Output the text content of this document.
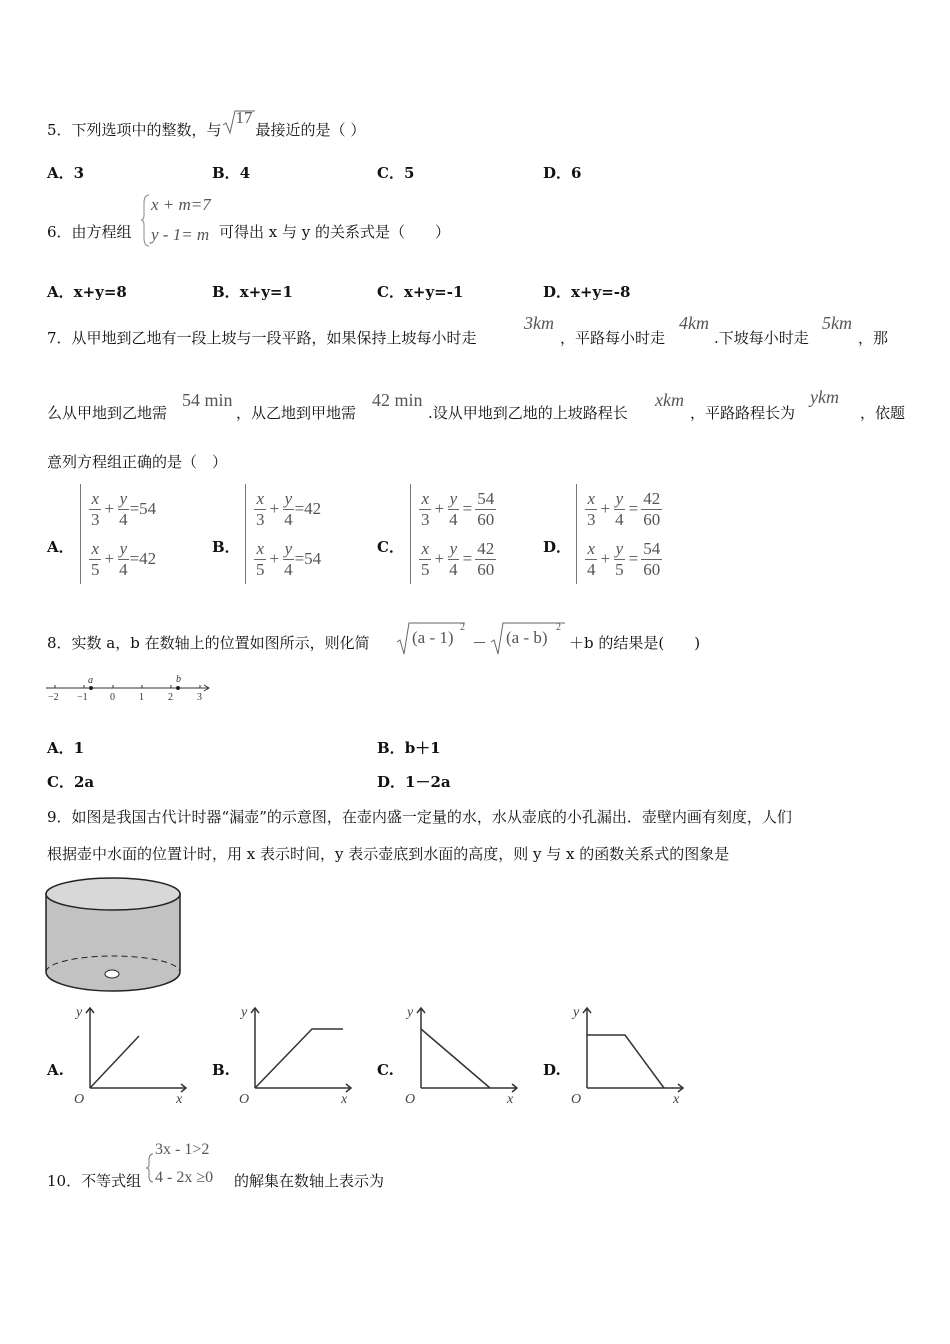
5．下列选项中的整数，与
17
最接近的是（ ）
A．3	B．4	C．5	D．6
6．由方程组
x + m=7
y - 1= m 可得出 x 与 y 的关系式是（　　）
A．x+y=8	B．x+y=1	C．x+y=-1	D．x+y=-8
7．从甲地到乙地有一段上坡与一段平路，如果保持上坡每小时走
3km
，平路每小时走
4km
.下坡每小时走
5km
，那
么从甲地到乙地需
54 min
，从乙地到甲地需
42 min
.设从甲地到乙地的上坡路程长
xkm
，平路路程长为
ykm
，依题
意列方程组正确的是（　）
A．
$\frac{x}{3} + \frac{y}{4} =54$
$\frac{x}{5} + \frac{y}{4} =42$
B．
$\frac{x}{3} + \frac{y}{4} =42$
$\frac{x}{5} + \frac{y}{4} =54$
C．
$\frac{x}{3} + \frac{y}{4} = \frac{54}{60}$
$\frac{x}{5} + \frac{y}{4} = \frac{42}{60}$	D．
$\frac{x}{3} + \frac{y}{4} = \frac{42}{60}$
$\frac{x}{4} + \frac{y}{5} = \frac{54}{60}$
8．实数 a，b 在数轴上的位置如图所示，则化简 (a - 1)
2
－ (a - b)
2
＋b 的结果是(　　)
a	b
−2 −1 0 1 2 3
A．1	B．b＋1
C．2a	D．1－2a
9．如图是我国古代计时器“漏壶”的示意图，在壶内盛一定量的水，水从壶底的小孔漏出．壶壁内画有刻度，人们
根据壶中水面的位置计时，用 x 表示时间，y 表示壶底到水面的高度，则 y 与 x 的函数关系式的图象是
A.
y
O	x
B.
y
O	x
C.
y
O	x
D.
y
O	x
10．不等式组
3x - 1>2
4 - 2x ≥0 的解集在数轴上表示为
